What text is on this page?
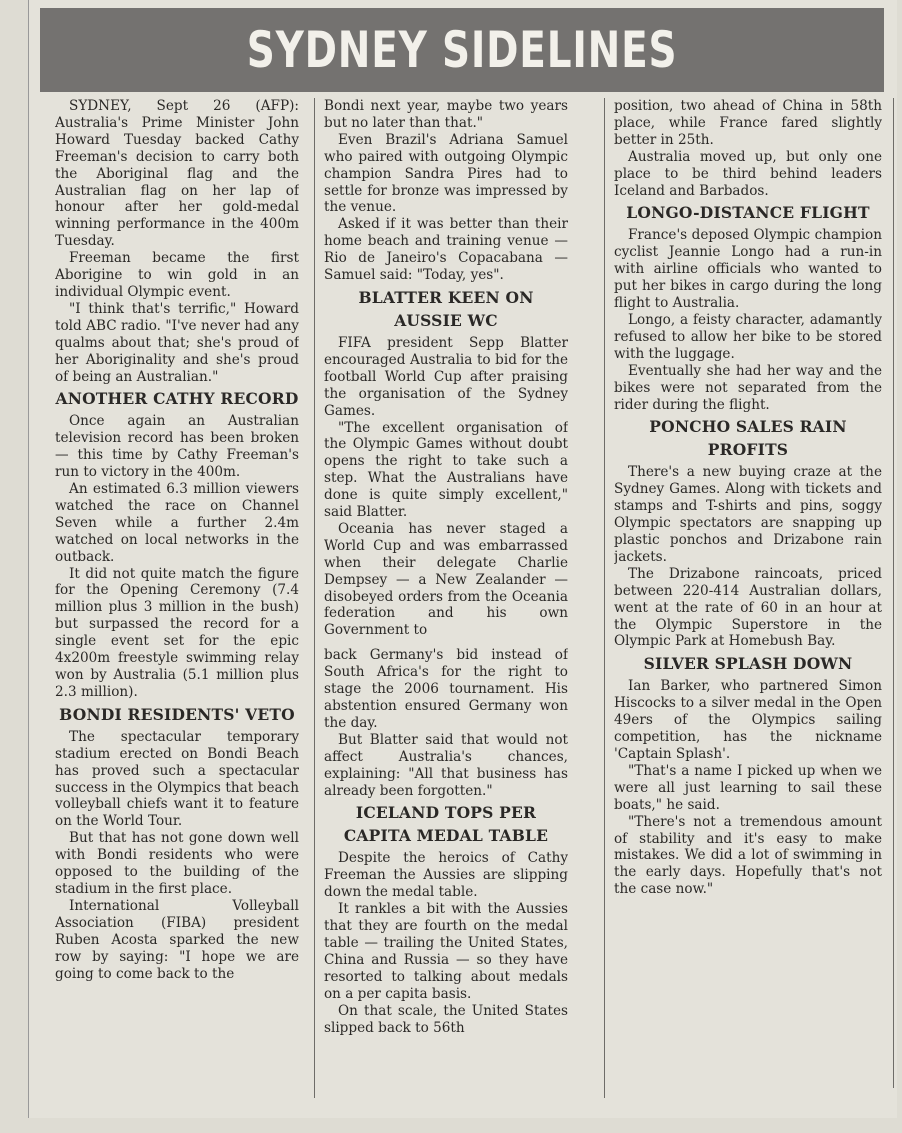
SYDNEY SIDELINES

SYDNEY, Sept 26 (AFP): Australia's Prime Minister John Howard Tuesday backed Cathy Freeman's decision to carry both the Aboriginal flag and the Australian flag on her lap of honour after her gold-medal winning performance in the 400m Tuesday.

Freeman became the first Aborigine to win gold in an individual Olympic event.

"I think that's terrific," Howard told ABC radio. "I've never had any qualms about that; she's proud of her Aboriginality and she's proud of being an Australian."

ANOTHER CATHY RECORD

Once again an Australian television record has been broken — this time by Cathy Freeman's run to victory in the 400m.

An estimated 6.3 million viewers watched the race on Channel Seven while a further 2.4m watched on local networks in the outback.

It did not quite match the figure for the Opening Ceremony (7.4 million plus 3 million in the bush) but surpassed the record for a single event set for the epic 4x200m freestyle swimming relay won by Australia (5.1 million plus 2.3 million).

BONDI RESIDENTS' VETO

The spectacular temporary stadium erected on Bondi Beach has proved such a spectacular success in the Olympics that beach volleyball chiefs want it to feature on the World Tour.

But that has not gone down well with Bondi residents who were opposed to the building of the stadium in the first place.

International Volleyball Association (FIBA) president Ruben Acosta sparked the new row by saying: "I hope we are going to come back to the

Bondi next year, maybe two years but no later than that."

Even Brazil's Adriana Samuel who paired with outgoing Olympic champion Sandra Pires had to settle for bronze was impressed by the venue.

Asked if it was better than their home beach and training venue — Rio de Janeiro's Copacabana — Samuel said: "Today, yes".

BLATTER KEEN ON AUSSIE WC

FIFA president Sepp Blatter encouraged Australia to bid for the football World Cup after praising the organisation of the Sydney Games.

"The excellent organisation of the Olympic Games without doubt opens the right to take such a step. What the Australians have done is quite simply excellent," said Blatter.

Oceania has never staged a World Cup and was embarrassed when their delegate Charlie Dempsey — a New Zealander — disobeyed orders from the Oceania federation and his own Government to

back Germany's bid instead of South Africa's for the right to stage the 2006 tournament. His abstention ensured Germany won the day.

But Blatter said that would not affect Australia's chances, explaining: "All that business has already been forgotten."

ICELAND TOPS PER CAPITA MEDAL TABLE

Despite the heroics of Cathy Freeman the Aussies are slipping down the medal table.

It rankles a bit with the Aussies that they are fourth on the medal table — trailing the United States, China and Russia — so they have resorted to talking about medals on a per capita basis.

On that scale, the United States slipped back to 56th

position, two ahead of China in 58th place, while France fared slightly better in 25th.

Australia moved up, but only one place to be third behind leaders Iceland and Barbados.

LONGO-DISTANCE FLIGHT

France's deposed Olympic champion cyclist Jeannie Longo had a run-in with airline officials who wanted to put her bikes in cargo during the long flight to Australia.

Longo, a feisty character, adamantly refused to allow her bike to be stored with the luggage.

Eventually she had her way and the bikes were not separated from the rider during the flight.

PONCHO SALES RAIN PROFITS

There's a new buying craze at the Sydney Games. Along with tickets and stamps and T-shirts and pins, soggy Olympic spectators are snapping up plastic ponchos and Drizabone rain jackets.

The Drizabone raincoats, priced between 220-414 Australian dollars, went at the rate of 60 in an hour at the Olympic Superstore in the Olympic Park at Homebush Bay.

SILVER SPLASH DOWN

Ian Barker, who partnered Simon Hiscocks to a silver medal in the Open 49ers of the Olympics sailing competition, has the nickname 'Captain Splash'.

"That's a name I picked up when we were all just learning to sail these boats," he said.

"There's not a tremendous amount of stability and it's easy to make mistakes. We did a lot of swimming in the early days. Hopefully that's not the case now."
